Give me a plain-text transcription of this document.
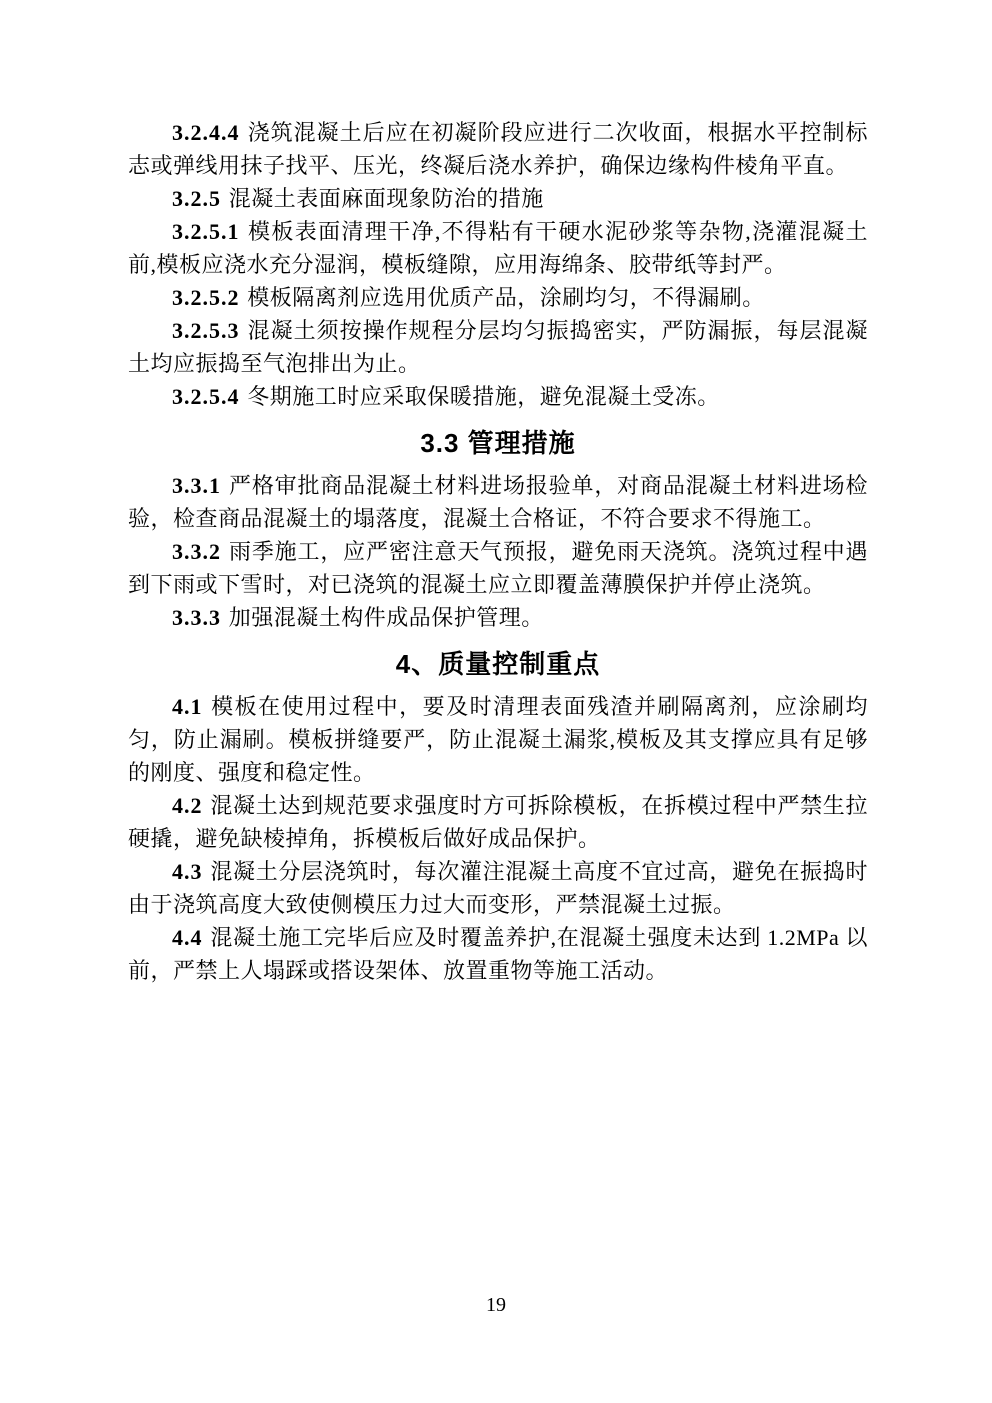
3.2.4.4 浇筑混凝土后应在初凝阶段应进行二次收面，根据水平控制标志或弹线用抹子找平、压光，终凝后浇水养护，确保边缘构件棱角平直。

3.2.5 混凝土表面麻面现象防治的措施

3.2.5.1 模板表面清理干净,不得粘有干硬水泥砂浆等杂物,浇灌混凝土前,模板应浇水充分湿润，模板缝隙，应用海绵条、胶带纸等封严。

3.2.5.2 模板隔离剂应选用优质产品，涂刷均匀，不得漏刷。

3.2.5.3 混凝土须按操作规程分层均匀振捣密实，严防漏振，每层混凝土均应振捣至气泡排出为止。

3.2.5.4 冬期施工时应采取保暖措施，避免混凝土受冻。

3.3 管理措施

3.3.1 严格审批商品混凝土材料进场报验单，对商品混凝土材料进场检验，检查商品混凝土的塌落度，混凝土合格证，不符合要求不得施工。

3.3.2 雨季施工，应严密注意天气预报，避免雨天浇筑。浇筑过程中遇到下雨或下雪时，对已浇筑的混凝土应立即覆盖薄膜保护并停止浇筑。

3.3.3 加强混凝土构件成品保护管理。

4、质量控制重点

4.1 模板在使用过程中，要及时清理表面残渣并刷隔离剂，应涂刷均匀，防止漏刷。模板拼缝要严，防止混凝土漏浆,模板及其支撑应具有足够的刚度、强度和稳定性。

4.2 混凝土达到规范要求强度时方可拆除模板，在拆模过程中严禁生拉硬撬，避免缺棱掉角，拆模板后做好成品保护。

4.3 混凝土分层浇筑时，每次灌注混凝土高度不宜过高，避免在振捣时由于浇筑高度大致使侧模压力过大而变形，严禁混凝土过振。

4.4 混凝土施工完毕后应及时覆盖养护,在混凝土强度未达到 1.2MPa 以前，严禁上人塌踩或搭设架体、放置重物等施工活动。

19
